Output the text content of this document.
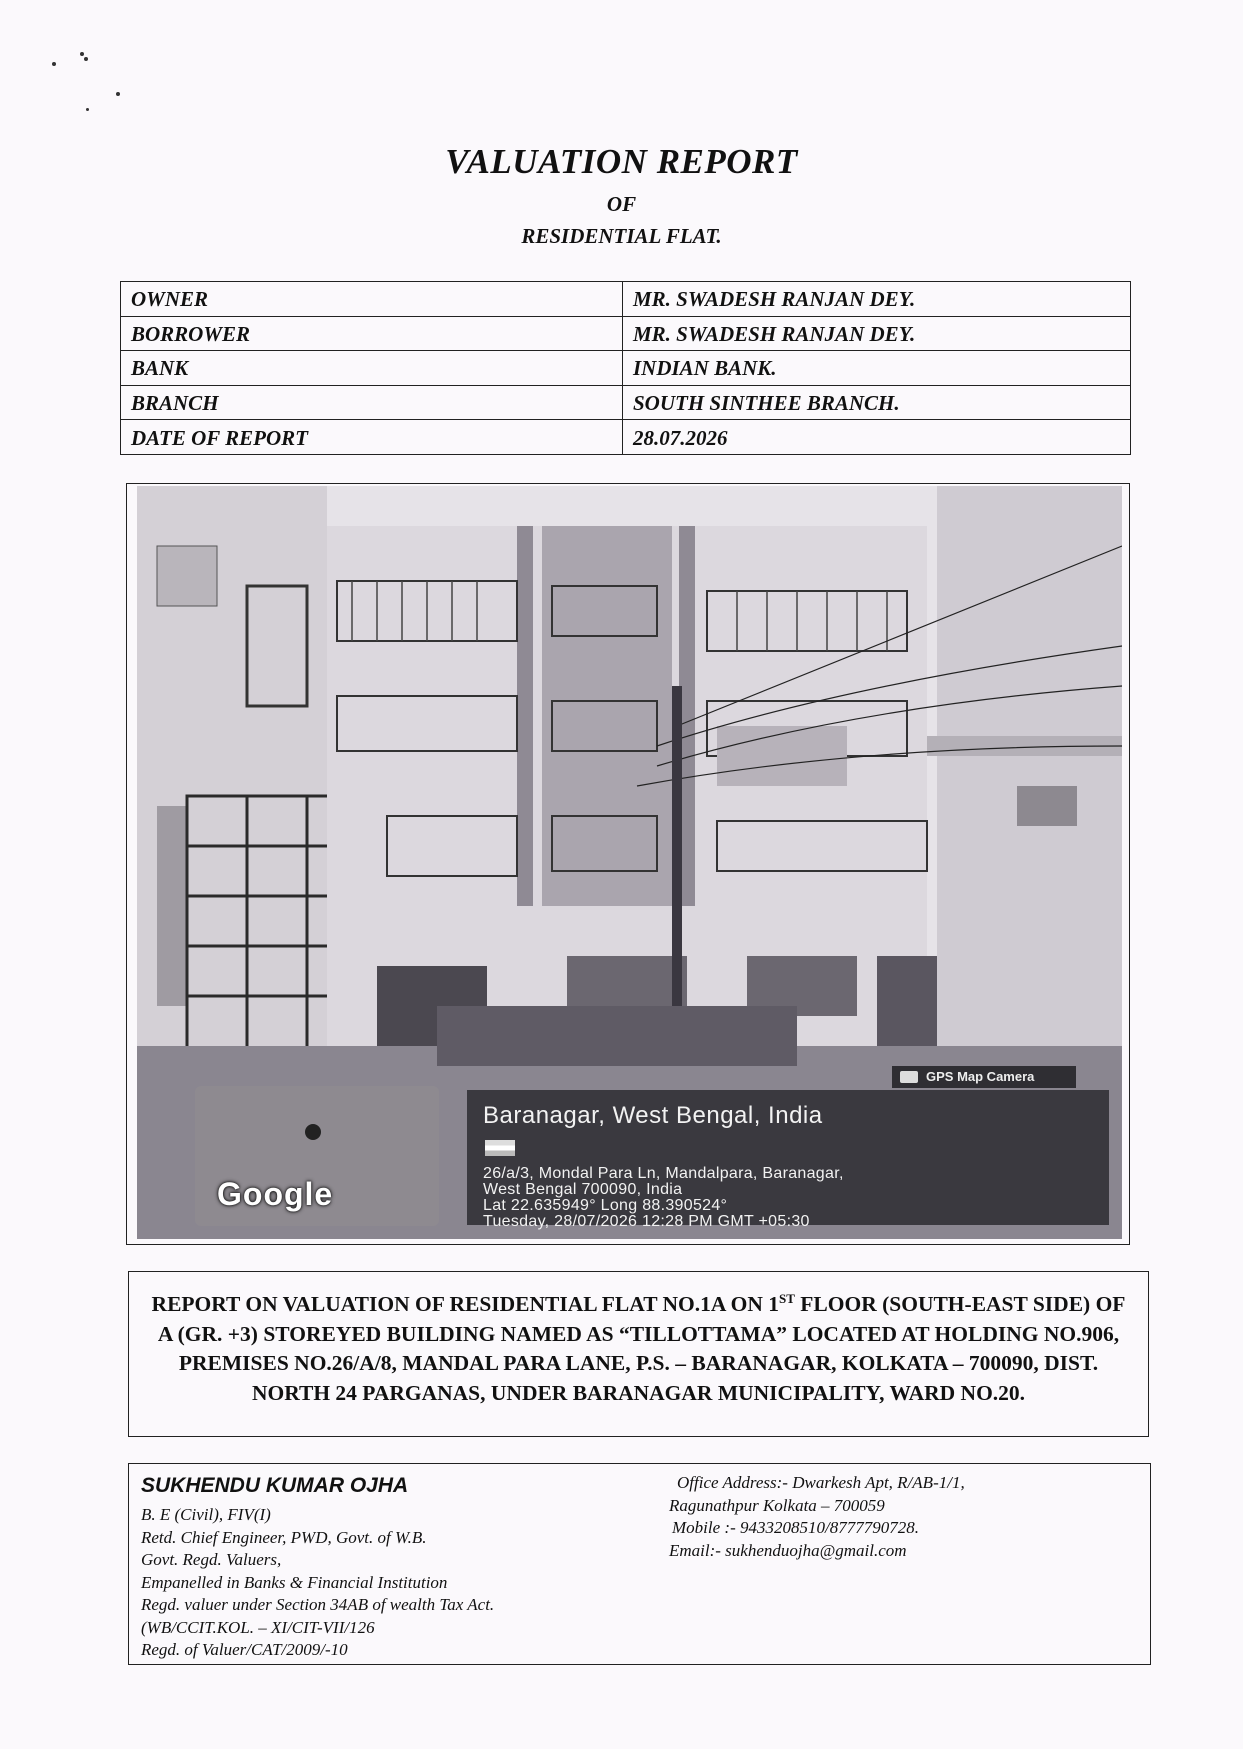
VALUATION REPORT
OF
RESIDENTIAL FLAT.
OWNER	MR. SWADESH RANJAN DEY.
BORROWER	MR. SWADESH RANJAN DEY.
BANK	INDIAN BANK.
BRANCH	SOUTH SINTHEE BRANCH.
DATE OF REPORT	28.07.2026
GPS Map Camera
Google
Baranagar, West Bengal, India
26/a/3, Mondal Para Ln, Mandalpara, Baranagar,
West Bengal 700090, India
Lat 22.635949° Long 88.390524°
Tuesday, 28/07/2026 12:28 PM GMT +05:30
REPORT ON VALUATION OF RESIDENTIAL FLAT NO.1A ON 1ST FLOOR (SOUTH-EAST SIDE) OF A (GR. +3) STOREYED BUILDING NAMED AS “TILLOTTAMA” LOCATED AT HOLDING NO.906, PREMISES NO.26/A/8, MANDAL PARA LANE, P.S. – BARANAGAR, KOLKATA – 700090, DIST. NORTH 24 PARGANAS, UNDER BARANAGAR MUNICIPALITY, WARD NO.20.
SUKHENDU KUMAR OJHA
B. E (Civil), FIV(I)
Retd. Chief Engineer, PWD, Govt. of W.B.
Govt. Regd. Valuers,
Empanelled in Banks & Financial Institution
Regd. valuer under Section 34AB of wealth Tax Act.
(WB/CCIT.KOL. – XI/CIT-VII/126
Regd. of Valuer/CAT/2009/-10
Office Address:- Dwarkesh Apt, R/AB-1/1,
Ragunathpur Kolkata – 700059
Mobile :- 9433208510/8777790728.
Email:- sukhenduojha@gmail.com
